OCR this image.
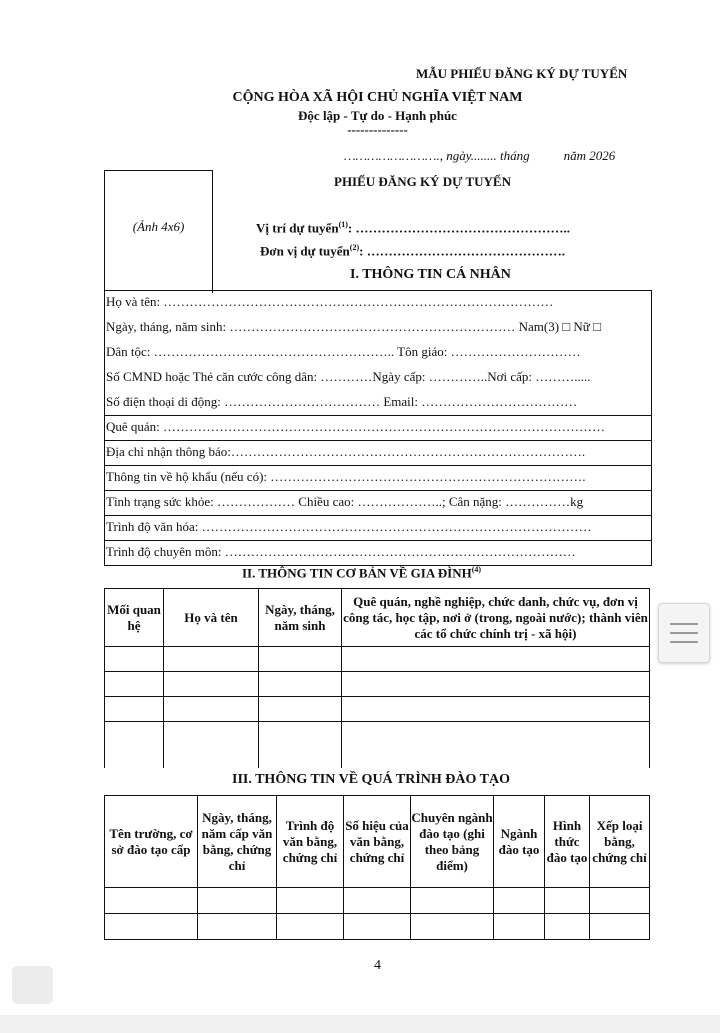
MẪU PHIẾU ĐĂNG KÝ DỰ TUYỂN
CỘNG HÒA XÃ HỘI CHỦ NGHĨA VIỆT NAM
Độc lập - Tự do - Hạnh phúc
--------------
……………………., ngày........ tháng	năm 2026
(Ảnh 4x6)
PHIẾU ĐĂNG KÝ DỰ TUYỂN
Vị trí dự tuyển$^{(1)}$: …………………………………………..
Đơn vị dự tuyển$^{(2)}$: ……………………………………….
I. THÔNG TIN CÁ NHÂN
Họ và tên: ………………………………………………………………………………
Ngày, tháng, năm sinh: ………………………………………………………… Nam(3) □ Nữ □
Dân tộc: ……………………………………………….. Tôn giáo: …………………………
Số CMND hoặc Thẻ căn cước công dân: …………Ngày cấp: …………..Nơi cấp: ……….....
Số điện thoại di động: ……………………………… Email: ………………………………
Quê quán: …………………………………………………………………………………………
Địa chỉ nhận thông báo:……………………………………………………………………….
Thông tin về hộ khẩu (nếu có): ……………………………………………………………….
Tình trạng sức khỏe: ……………… Chiều cao: ………………..; Cân nặng: ……………kg
Trình độ văn hóa: ………………………………………………………………………………
Trình độ chuyên môn: ………………………………………………………………………
II. THÔNG TIN CƠ BẢN VỀ GIA ĐÌNH$^{(4)}$
Mối quan hệ	Họ và tên	Ngày, tháng, năm sinh	Quê quán, nghề nghiệp, chức danh, chức vụ, đơn vị công tác, học tập, nơi ở (trong, ngoài nước); thành viên các tổ chức chính trị - xã hội)

III. THÔNG TIN VỀ QUÁ TRÌNH ĐÀO TẠO
Tên trường, cơ sở đào tạo cấp	Ngày, tháng, năm cấp văn bằng, chứng chỉ	Trình độ văn bằng, chứng chỉ	Số hiệu của văn bằng, chứng chỉ	Chuyên ngành đào tạo (ghi theo bảng điểm)	Ngành đào tạo	Hình thức đào tạo	Xếp loại bằng, chứng chỉ

4
